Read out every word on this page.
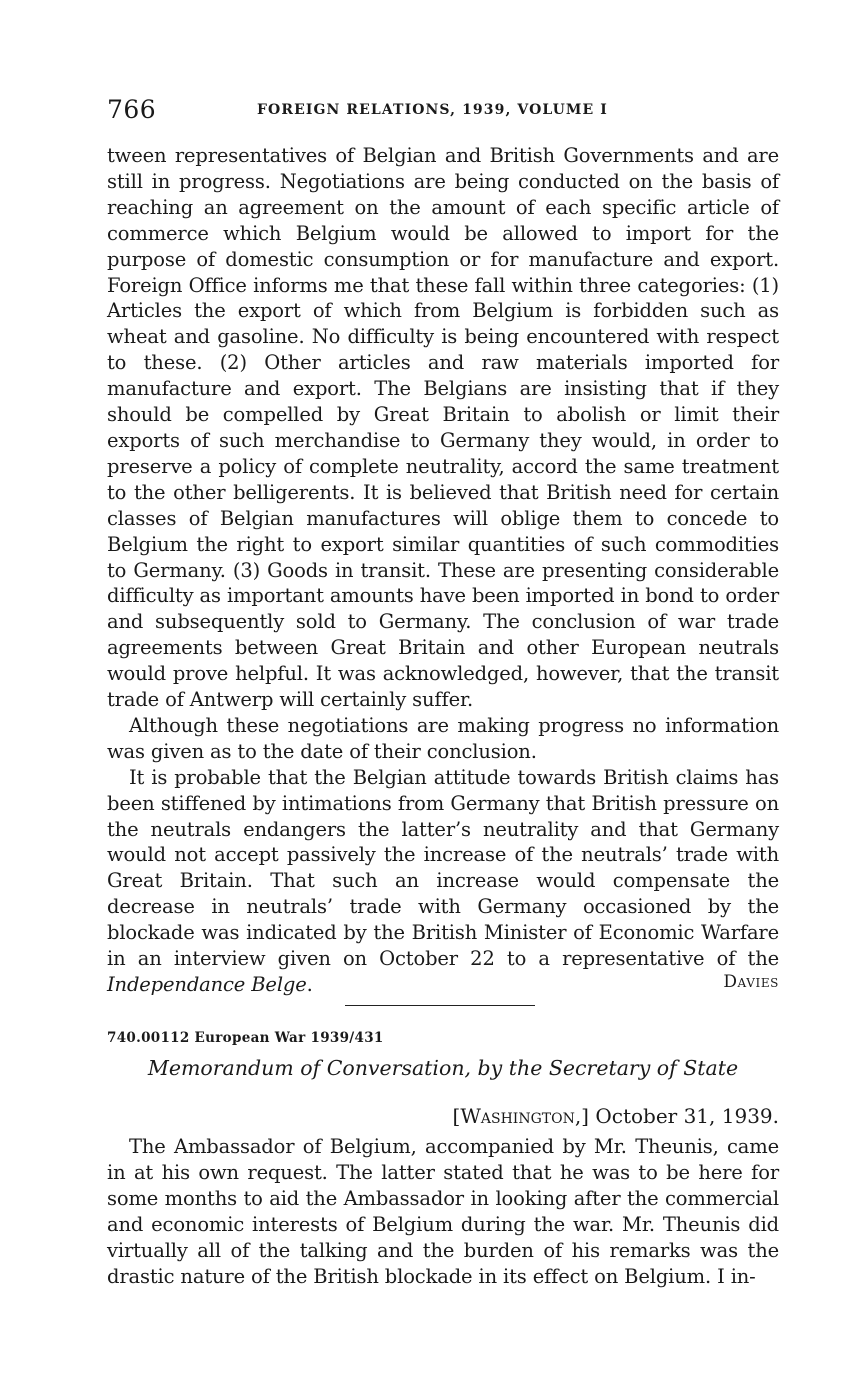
766	FOREIGN RELATIONS, 1939, VOLUME I

tween representatives of Belgian and British Governments and are still in progress. Negotiations are being conducted on the basis of reaching an agreement on the amount of each specific article of commerce which Belgium would be allowed to import for the purpose of domestic consumption or for manufacture and export. Foreign Office informs me that these fall within three categories: (1) Articles the export of which from Belgium is forbidden such as wheat and gasoline. No difficulty is being encountered with respect to these. (2) Other articles and raw materials imported for manufacture and export. The Belgians are insisting that if they should be compelled by Great Britain to abolish or limit their exports of such merchandise to Germany they would, in order to preserve a policy of complete neutrality, accord the same treatment to the other belligerents. It is believed that British need for certain classes of Belgian manufactures will oblige them to concede to Belgium the right to export similar quantities of such commodities to Germany. (3) Goods in transit. These are presenting considerable difficulty as important amounts have been imported in bond to order and subsequently sold to Germany. The conclusion of war trade agreements between Great Britain and other European neutrals would prove helpful. It was acknowledged, however, that the transit trade of Antwerp will certainly suffer.

Although these negotiations are making progress no information was given as to the date of their conclusion.

It is probable that the Belgian attitude towards British claims has been stiffened by intimations from Germany that British pressure on the neutrals endangers the latter’s neutrality and that Germany would not accept passively the increase of the neutrals’ trade with Great Britain. That such an increase would compensate the decrease in neutrals’ trade with Germany occasioned by the blockade was indicated by the British Minister of Economic Warfare in an interview given on October 22 to a representative of the Independance Belge.	Davies
740.00112 European War 1939/431
Memorandum of Conversation, by the Secretary of State
[Washington,] October 31, 1939.

The Ambassador of Belgium, accompanied by Mr. Theunis, came in at his own request. The latter stated that he was to be here for some months to aid the Ambassador in looking after the commercial and economic interests of Belgium during the war. Mr. Theunis did virtually all of the talking and the burden of his remarks was the drastic nature of the British blockade in its effect on Belgium. I in-
